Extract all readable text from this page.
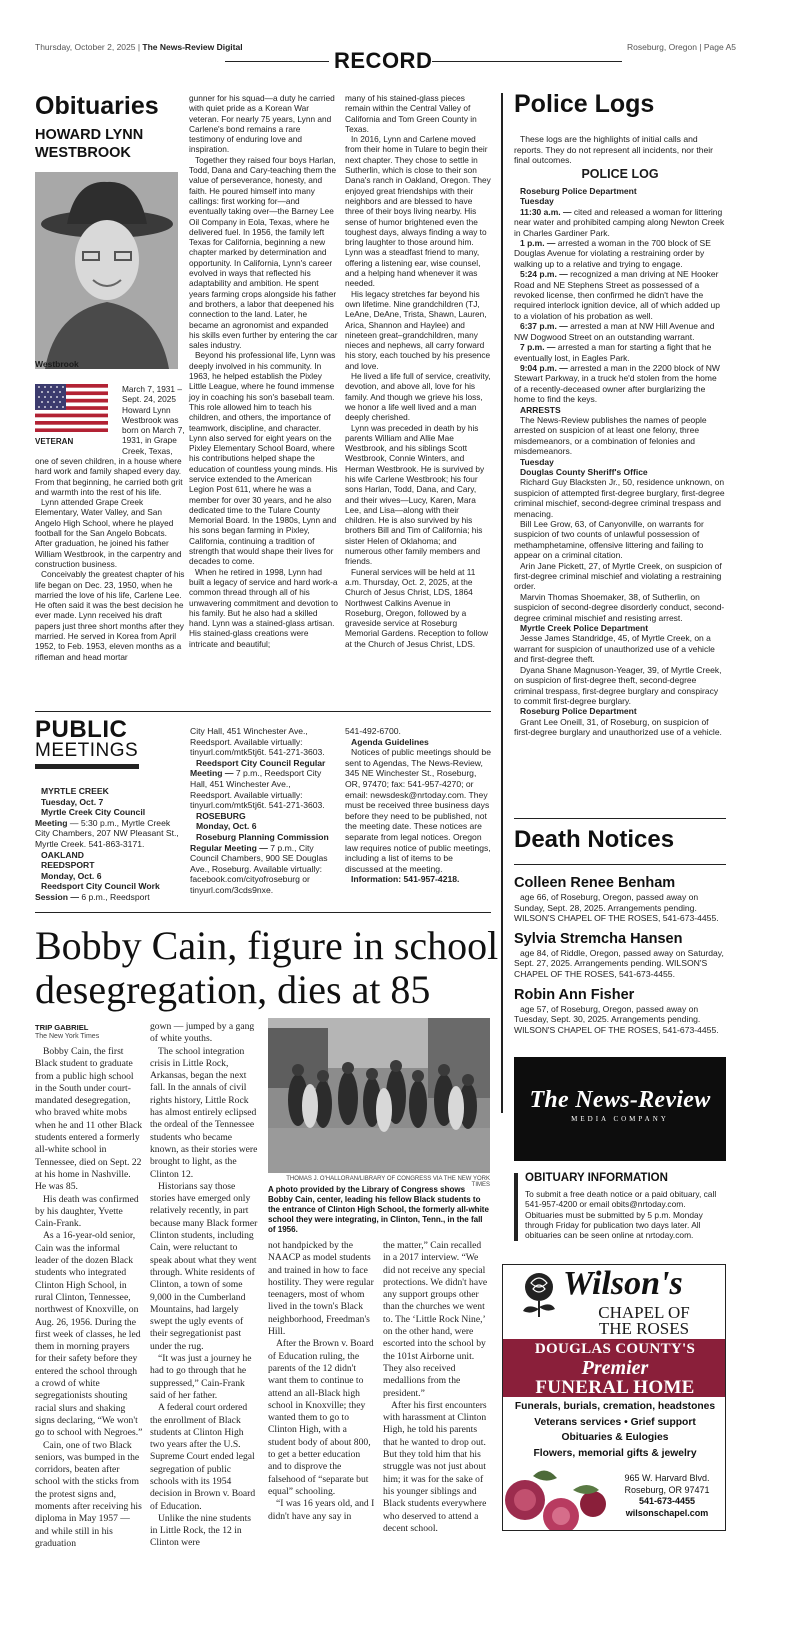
Thursday, October 2, 2025 | The News-Review Digital
RECORD
Roseburg, Oregon | Page A5
Obituaries
HOWARD LYNN
WESTBROOK
Westbrook
VETERAN
March 7, 1931 – Sept. 24, 2025 Howard Lynn Westbrook was born on March 7, 1931, in Grape Creek, Texas,

one of seven children, in a house where hard work and family shaped every day. From that beginning, he carried both grit and warmth into the rest of his life.

Lynn attended Grape Creek Elementary, Water Valley, and San Angelo High School, where he played football for the San Angelo Bobcats. After graduation, he joined his father William Westbrook, in the carpentry and construction business.

Conceivably the greatest chapter of his life began on Dec. 23, 1950, when he married the love of his life, Carlene Lee. He often said it was the best decision he ever made. Lynn received his draft papers just three short months after they married. He served in Korea from April 1952, to Feb. 1953, eleven months as a rifleman and head mortar

gunner for his squad—a duty he carried with quiet pride as a Korean War veteran. For nearly 75 years, Lynn and Carlene's bond remains a rare testimony of enduring love and inspiration.

Together they raised four boys Harlan, Todd, Dana and Cary-teaching them the value of perseverance, honesty, and faith. He poured himself into many callings: first working for—and eventually taking over—the Barney Lee Oil Company in Eola, Texas, where he delivered fuel. In 1956, the family left Texas for California, beginning a new chapter marked by determination and opportunity. In California, Lynn's career evolved in ways that reflected his adaptability and ambition. He spent years farming crops alongside his father and brothers, a labor that deepened his connection to the land. Later, he became an agronomist and expanded his skills even further by entering the car sales industry.

Beyond his professional life, Lynn was deeply involved in his community. In 1963, he helped establish the Pixley Little League, where he found immense joy in coaching his son's baseball team. This role allowed him to teach his children, and others, the importance of teamwork, discipline, and character. Lynn also served for eight years on the Pixley Elementary School Board, where his contributions helped shape the education of countless young minds. His service extended to the American Legion Post 611, where he was a member for over 30 years, and he also dedicated time to the Tulare County Memorial Board. In the 1980s, Lynn and his sons began farming in Pixley, California, continuing a tradition of strength that would shape their lives for decades to come.

When he retired in 1998, Lynn had built a legacy of service and hard work-a common thread through all of his unwavering commitment and devotion to his family. But he also had a skilled hand. Lynn was a stained-glass artisan. His stained-glass creations were intricate and beautiful;

many of his stained-glass pieces remain within the Central Valley of California and Tom Green County in Texas.

In 2016, Lynn and Carlene moved from their home in Tulare to begin their next chapter. They chose to settle in Sutherlin, which is close to their son Dana's ranch in Oakland, Oregon. They enjoyed great friendships with their neighbors and are blessed to have three of their boys living nearby. His sense of humor brightened even the toughest days, always finding a way to bring laughter to those around him. Lynn was a steadfast friend to many, offering a listening ear, wise counsel, and a helping hand whenever it was needed.

His legacy stretches far beyond his own lifetime. Nine grandchildren (TJ, LeAne, DeAne, Trista, Shawn, Lauren, Arica, Shannon and Haylee) and nineteen great–grandchildren, many nieces and nephews, all carry forward his story, each touched by his presence and love.

He lived a life full of service, creativity, devotion, and above all, love for his family. And though we grieve his loss, we honor a life well lived and a man deeply cherished.

Lynn was preceded in death by his parents William and Allie Mae Westbrook, and his siblings Scott Westbrook, Connie Winters, and Herman Westbrook. He is survived by his wife Carlene Westbrook; his four sons Harlan, Todd, Dana, and Cary, and their wives—Lucy, Karen, Mara Lee, and Lisa—along with their children. He is also survived by his brothers Bill and Tim of California; his sister Helen of Oklahoma; and numerous other family members and friends.

Funeral services will be held at 11 a.m. Thursday, Oct. 2, 2025, at the Church of Jesus Christ, LDS, 1864 Northwest Calkins Avenue in Roseburg, Oregon, followed by a graveside service at Roseburg Memorial Gardens. Reception to follow at the Church of Jesus Christ, LDS.

Police Logs
These logs are the highlights of initial calls and reports. They do not represent all incidents, nor their final outcomes.
POLICE LOG

Roseburg Police Department

Tuesday

11:30 a.m. — cited and released a woman for littering near water and prohibited camping along Newton Creek in Charles Gardiner Park.

1 p.m. — arrested a woman in the 700 block of SE Douglas Avenue for violating a restraining order by walking up to a relative and trying to engage.

5:24 p.m. — recognized a man driving at NE Hooker Road and NE Stephens Street as possessed of a revoked license, then confirmed he didn't have the required interlock ignition device, all of which added up to a violation of his probation as well.

6:37 p.m. — arrested a man at NW Hill Avenue and NW Dogwood Street on an outstanding warrant.

7 p.m. — arrested a man for starting a fight that he eventually lost, in Eagles Park.

9:04 p.m. — arrested a man in the 2200 block of NW Stewart Parkway, in a truck he'd stolen from the home of a recently-deceased owner after burglarizing the home to find the keys.

ARRESTS

The News-Review publishes the names of people arrested on suspicion of at least one felony, three misdemeanors, or a combination of felonies and misdemeanors.

Tuesday

Douglas County Sheriff's Office

Richard Guy Blacksten Jr., 50, residence unknown, on suspicion of attempted first-degree burglary, first-degree criminal mischief, second-degree criminal trespass and menacing.

Bill Lee Grow, 63, of Canyonville, on warrants for suspicion of two counts of unlawful possession of methamphetamine, offensive littering and failing to appear on a criminal citation.

Arin Jane Pickett, 27, of Myrtle Creek, on suspicion of first-degree criminal mischief and violating a restraining order.

Marvin Thomas Shoemaker, 38, of Sutherlin, on suspicion of second-degree disorderly conduct, second-degree criminal mischief and resisting arrest.

Myrtle Creek Police Department

Jesse James Standridge, 45, of Myrtle Creek, on a warrant for suspicion of unauthorized use of a vehicle and first-degree theft.

Dyana Shane Magnuson-Yeager, 39, of Myrtle Creek, on suspicion of first-degree theft, second-degree criminal trespass, first-degree burglary and conspiracy to commit first-degree burglary.

Roseburg Police Department

Grant Lee Oneill, 31, of Roseburg, on suspicion of first-degree burglary and unauthorized use of a vehicle.

PUBLIC
MEETINGS

MYRTLE CREEK

Tuesday, Oct. 7

Myrtle Creek City Council Meeting — 5:30 p.m., Myrtle Creek City Chambers, 207 NW Pleasant St., Myrtle Creek. 541-863-3171.

OAKLAND

REEDSPORT

Monday, Oct. 6

Reedsport City Council Work Session — 6 p.m., Reedsport

City Hall, 451 Winchester Ave., Reedsport. Available virtually: tinyurl.com/mtk5tj6t. 541-271-3603.

Reedsport City Council Regular Meeting — 7 p.m., Reedsport City Hall, 451 Winchester Ave., Reedsport. Available virtually: tinyurl.com/mtk5tj6t. 541-271-3603.

ROSEBURG

Monday, Oct. 6

Roseburg Planning Commission Regular Meeting — 7 p.m., City Council Chambers, 900 SE Douglas Ave., Roseburg. Available virtually: facebook.com/cityofroseburg or tinyurl.com/3cds9nxe.

541-492-6700.

Agenda Guidelines

Notices of public meetings should be sent to Agendas, The News-Review, 345 NE Winchester St., Roseburg, OR, 97470; fax: 541-957-4270; or email: newsdesk@nrtoday.com. They must be received three business days before they need to be published, not the meeting date. These notices are separate from legal notices. Oregon law requires notice of public meetings, including a list of items to be discussed at the meeting.

Information: 541-957-4218.

Death Notices
Colleen Renee Benham
age 66, of Roseburg, Oregon, passed away on Sunday, Sept. 28, 2025. Arrangements pending. WILSON'S CHAPEL OF THE ROSES, 541-673-4455.
Sylvia Stremcha Hansen
age 84, of Riddle, Oregon, passed away on Saturday, Sept. 27, 2025. Arrangements pending. WILSON'S CHAPEL OF THE ROSES, 541-673-4455.
Robin Ann Fisher
age 57, of Roseburg, Oregon, passed away on Tuesday, Sept. 30, 2025. Arrangements pending. WILSON'S CHAPEL OF THE ROSES, 541-673-4455.
The News-Review
MEDIA COMPANY
OBITUARY INFORMATION
To submit a free death notice or a paid obituary, call 541-957-4200 or email obits@nrtoday.com. Obituaries must be submitted by 5 p.m. Monday through Friday for publication two days later. All obituaries can be seen online at nrtoday.com.
Wilson's
CHAPEL OF
THE ROSES
DOUGLAS COUNTY'S
Premier
FUNERAL HOME
Funerals, burials, cremation, headstones
Veterans services • Grief support
Obituaries & Eulogies
Flowers, memorial gifts & jewelry
965 W. Harvard Blvd.
Roseburg, OR 97471
541-673-4455
wilsonschapel.com
Bobby Cain, figure in school desegregation, dies at 85
TRIP GABRIEL
The New York Times

Bobby Cain, the first Black student to graduate from a public high school in the South under court-mandated desegregation, who braved white mobs when he and 11 other Black students entered a formerly all-white school in Tennessee, died on Sept. 22 at his home in Nashville. He was 85.

His death was confirmed by his daughter, Yvette Cain-Frank.

As a 16-year-old senior, Cain was the informal leader of the dozen Black students who integrated Clinton High School, in rural Clinton, Tennessee, northwest of Knoxville, on Aug. 26, 1956. During the first week of classes, he led them in morning prayers for their safety before they entered the school through a crowd of white segregationists shouting racial slurs and shaking signs declaring, “We won't go to school with Negroes.”

Cain, one of two Black seniors, was bumped in the corridors, beaten after school with the sticks from the protest signs and, moments after receiving his diploma in May 1957 — and while still in his graduation

gown — jumped by a gang of white youths.

The school integration crisis in Little Rock, Arkansas, began the next fall. In the annals of civil rights history, Little Rock has almost entirely eclipsed the ordeal of the Tennessee students who became known, as their stories were brought to light, as the Clinton 12.

Historians say those stories have emerged only relatively recently, in part because many Black former Clinton students, including Cain, were reluctant to speak about what they went through. White residents of Clinton, a town of some 9,000 in the Cumberland Mountains, had largely swept the ugly events of their segregationist past under the rug.

“It was just a journey he had to go through that he suppressed,” Cain-Frank said of her father.

A federal court ordered the enrollment of Black students at Clinton High two years after the U.S. Supreme Court ended legal segregation of public schools with its 1954 decision in Brown v. Board of Education.

Unlike the nine students in Little Rock, the 12 in Clinton were

THOMAS J. O'HALLORAN/LIBRARY OF CONGRESS VIA THE NEW YORK TIMES
A photo provided by the Library of Congress shows Bobby Cain, center, leading his fellow Black students to the entrance of Clinton High School, the formerly all-white school they were integrating, in Clinton, Tenn., in the fall of 1956.

not handpicked by the NAACP as model students and trained in how to face hostility. They were regular teenagers, most of whom lived in the town's Black neighborhood, Freedman's Hill.

After the Brown v. Board of Education ruling, the parents of the 12 didn't want them to continue to attend an all-Black high school in Knoxville; they wanted them to go to Clinton High, with a student body of about 800, to get a better education and to disprove the falsehood of “separate but equal” schooling.

“I was 16 years old, and I didn't have any say in

the matter,” Cain recalled in a 2017 interview. “We did not receive any special protections. We didn't have any support groups other than the churches we went to. The ‘Little Rock Nine,’ on the other hand, were escorted into the school by the 101st Airborne unit. They also received medallions from the president.”

After his first encounters with harassment at Clinton High, he told his parents that he wanted to drop out. But they told him that his struggle was not just about him; it was for the sake of his younger siblings and Black students everywhere who deserved to attend a decent school.
